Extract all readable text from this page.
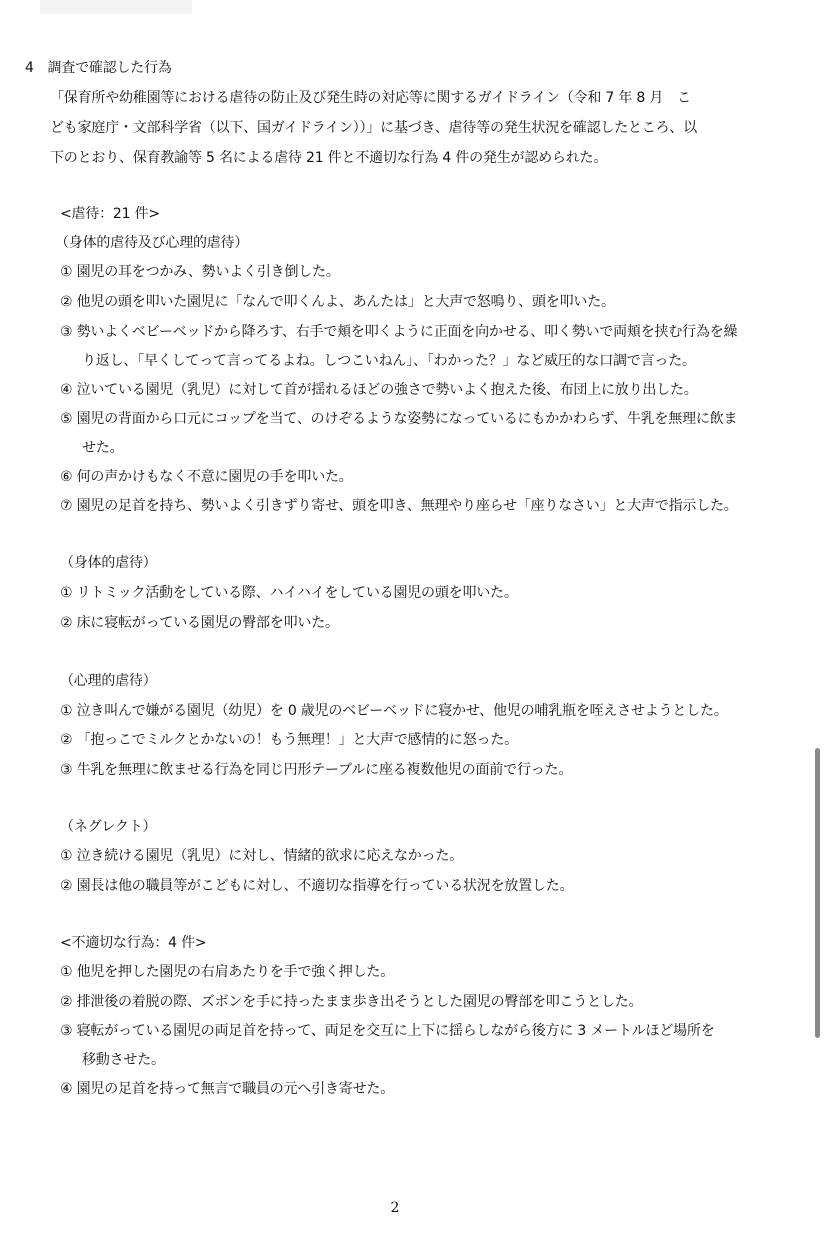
4　調査で確認した行為
「保育所や幼稚園等における虐待の防止及び発生時の対応等に関するガイドライン（令和 7 年 8 月　こ
ども家庭庁・文部科学省（以下、国ガイドライン））」に基づき、虐待等の発生状況を確認したところ、以
下のとおり、保育教諭等 5 名による虐待 21 件と不適切な行為 4 件の発生が認められた。
<虐待：21 件>
（身体的虐待及び心理的虐待）
① 園児の耳をつかみ、勢いよく引き倒した。
② 他児の頭を叩いた園児に「なんで叩くんよ、あんたは」と大声で怒鳴り、頭を叩いた。
③ 勢いよくベビーベッドから降ろす、右手で頬を叩くように正面を向かせる、叩く勢いで両頬を挟む行為を繰
り返し、「早くしてって言ってるよね。しつこいねん」、「わかった？」など威圧的な口調で言った。
④ 泣いている園児（乳児）に対して首が揺れるほどの強さで勢いよく抱えた後、布団上に放り出した。
⑤ 園児の背面から口元にコップを当て、のけぞるような姿勢になっているにもかかわらず、牛乳を無理に飲ま
せた。
⑥ 何の声かけもなく不意に園児の手を叩いた。
⑦ 園児の足首を持ち、勢いよく引きずり寄せ、頭を叩き、無理やり座らせ「座りなさい」と大声で指示した。
（身体的虐待）
① リトミック活動をしている際、ハイハイをしている園児の頭を叩いた。
② 床に寝転がっている園児の臀部を叩いた。
（心理的虐待）
① 泣き叫んで嫌がる園児（幼児）を 0 歳児のベビーベッドに寝かせ、他児の哺乳瓶を咥えさせようとした。
② 「抱っこでミルクとかないの！もう無理！」と大声で感情的に怒った。
③ 牛乳を無理に飲ませる行為を同じ円形テーブルに座る複数他児の面前で行った。
（ネグレクト）
① 泣き続ける園児（乳児）に対し、情緒的欲求に応えなかった。
② 園長は他の職員等がこどもに対し、不適切な指導を行っている状況を放置した。
<不適切な行為：4 件>
① 他児を押した園児の右肩あたりを手で強く押した。
② 排泄後の着脱の際、ズボンを手に持ったまま歩き出そうとした園児の臀部を叩こうとした。
③ 寝転がっている園児の両足首を持って、両足を交互に上下に揺らしながら後方に 3 メートルほど場所を
移動させた。
④ 園児の足首を持って無言で職員の元へ引き寄せた。
2
